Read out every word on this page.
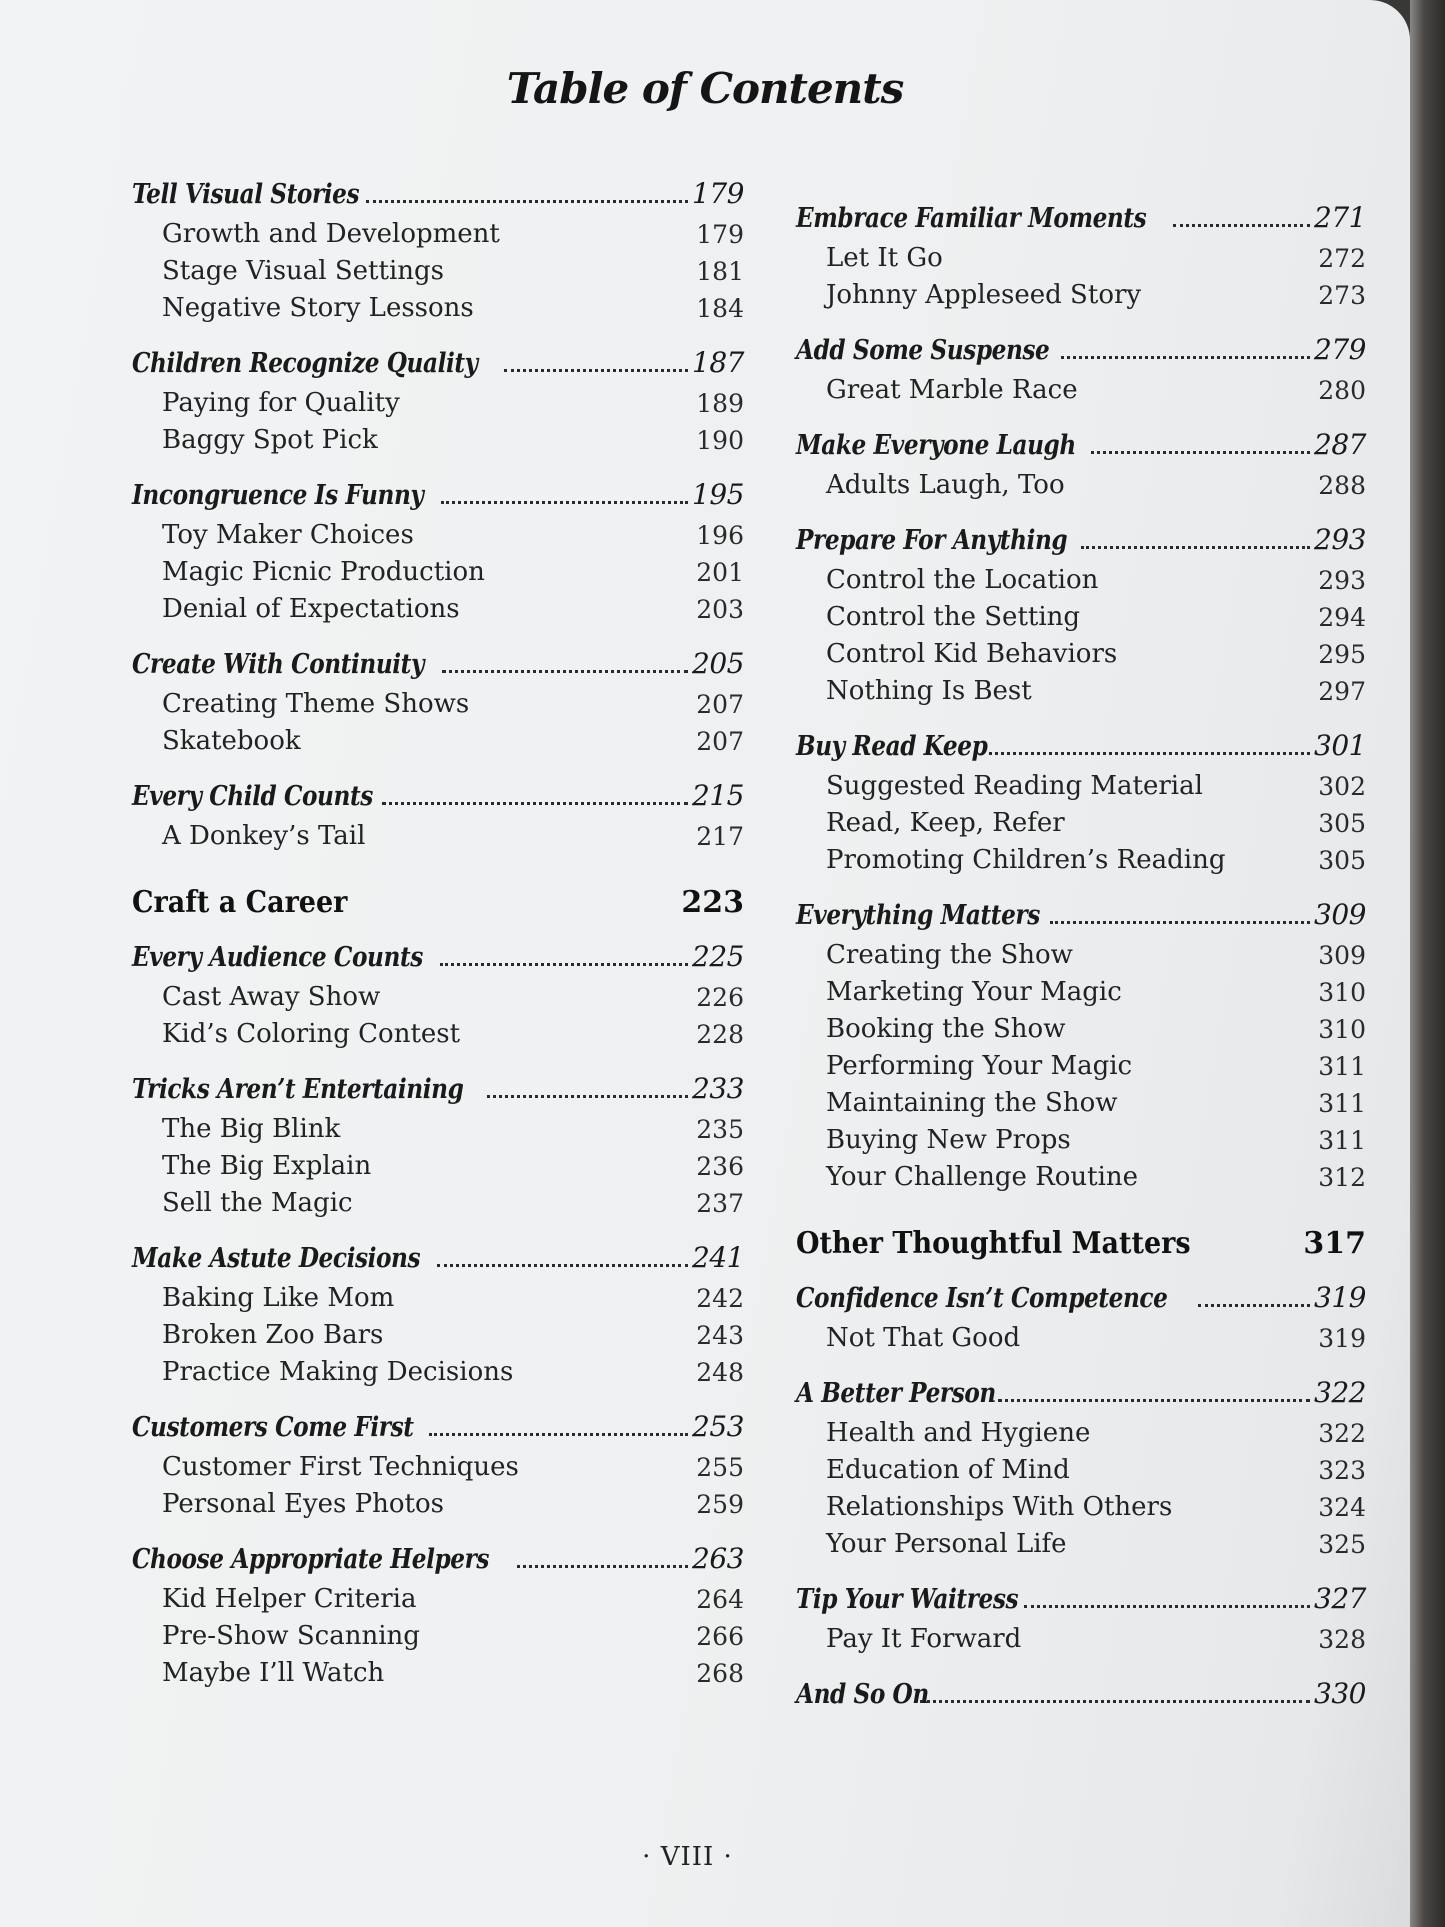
Table of Contents
Tell Visual Stories	179
Growth and Development	179
Stage Visual Settings	181
Negative Story Lessons	184
Children Recognize Quality	187
Paying for Quality	189
Baggy Spot Pick	190
Incongruence Is Funny	195
Toy Maker Choices	196
Magic Picnic Production	201
Denial of Expectations	203
Create With Continuity	205
Creating Theme Shows	207
Skatebook	207
Every Child Counts	215
A Donkey’s Tail	217
Craft a Career	223
Every Audience Counts	225
Cast Away Show	226
Kid’s Coloring Contest	228
Tricks Aren’t Entertaining	233
The Big Blink	235
The Big Explain	236
Sell the Magic	237
Make Astute Decisions	241
Baking Like Mom	242
Broken Zoo Bars	243
Practice Making Decisions	248
Customers Come First	253
Customer First Techniques	255
Personal Eyes Photos	259
Choose Appropriate Helpers	263
Kid Helper Criteria	264
Pre-Show Scanning	266
Maybe I’ll Watch	268
Embrace Familiar Moments	271
Let It Go	272
Johnny Appleseed Story	273
Add Some Suspense	279
Great Marble Race	280
Make Everyone Laugh	287
Adults Laugh, Too	288
Prepare For Anything	293
Control the Location	293
Control the Setting	294
Control Kid Behaviors	295
Nothing Is Best	297
Buy Read Keep	301
Suggested Reading Material	302
Read, Keep, Refer	305
Promoting Children’s Reading	305
Everything Matters	309
Creating the Show	309
Marketing Your Magic	310
Booking the Show	310
Performing Your Magic	311
Maintaining the Show	311
Buying New Props	311
Your Challenge Routine	312
Other Thoughtful Matters	317
Confidence Isn’t Competence	319
Not That Good	319
A Better Person	322
Health and Hygiene	322
Education of Mind	323
Relationships With Others	324
Your Personal Life	325
Tip Your Waitress	327
Pay It Forward	328
And So On	330
· VIII ·
